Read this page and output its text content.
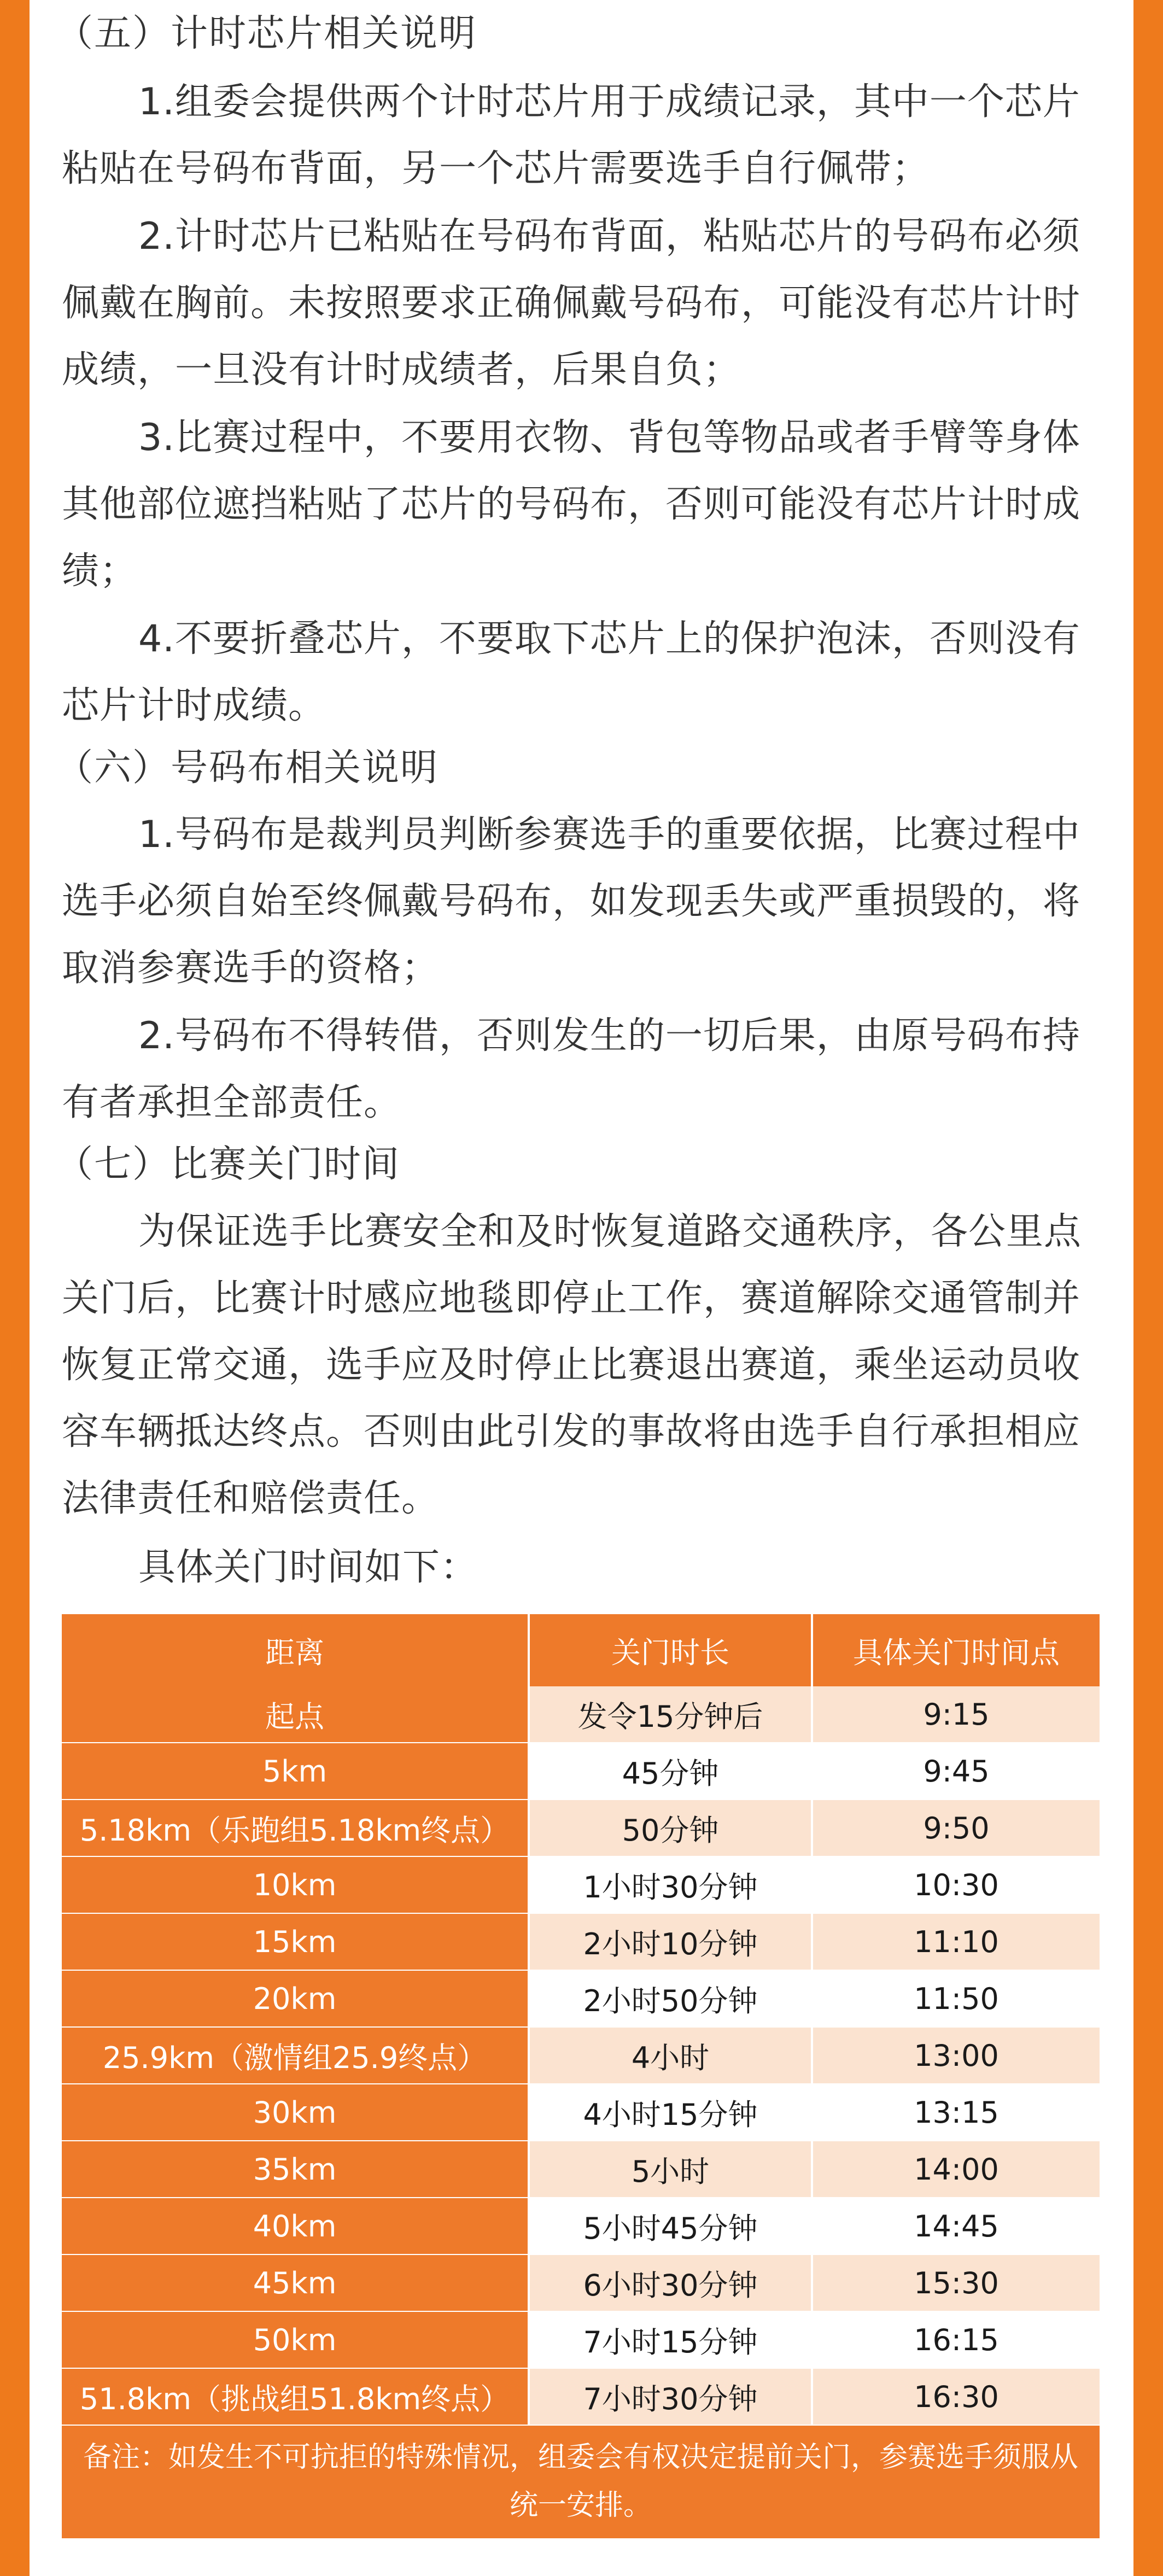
（五）计时芯片相关说明

1.组委会提供两个计时芯片用于成绩记录，其中一个芯片粘贴在号码布背面，另一个芯片需要选手自行佩带；

2.计时芯片已粘贴在号码布背面，粘贴芯片的号码布必须佩戴在胸前。未按照要求正确佩戴号码布，可能没有芯片计时成绩，一旦没有计时成绩者，后果自负；

3.比赛过程中，不要用衣物、背包等物品或者手臂等身体其他部位遮挡粘贴了芯片的号码布，否则可能没有芯片计时成绩；

4.不要折叠芯片，不要取下芯片上的保护泡沫，否则没有芯片计时成绩。

（六）号码布相关说明

1.号码布是裁判员判断参赛选手的重要依据，比赛过程中选手必须自始至终佩戴号码布，如发现丢失或严重损毁的，将取消参赛选手的资格；

2.号码布不得转借，否则发生的一切后果，由原号码布持有者承担全部责任。

（七）比赛关门时间

为保证选手比赛安全和及时恢复道路交通秩序，各公里点关门后，比赛计时感应地毯即停止工作，赛道解除交通管制并恢复正常交通，选手应及时停止比赛退出赛道，乘坐运动员收容车辆抵达终点。否则由此引发的事故将由选手自行承担相应法律责任和赔偿责任。

具体关门时间如下：

距离	关门时长	具体关门时间点
起点	发令15分钟后	9:15
5km	45分钟	9:45
5.18km（乐跑组5.18km终点）	50分钟	9:50
10km	1小时30分钟	10:30
15km	2小时10分钟	11:10
20km	2小时50分钟	11:50
25.9km（激情组25.9终点）	4小时	13:00
30km	4小时15分钟	13:15
35km	5小时	14:00
40km	5小时45分钟	14:45
45km	6小时30分钟	15:30
50km	7小时15分钟	16:15
51.8km（挑战组51.8km终点）	7小时30分钟	16:30
备注：如发生不可抗拒的特殊情况，组委会有权决定提前关门，参赛选手须服从统一安排。
